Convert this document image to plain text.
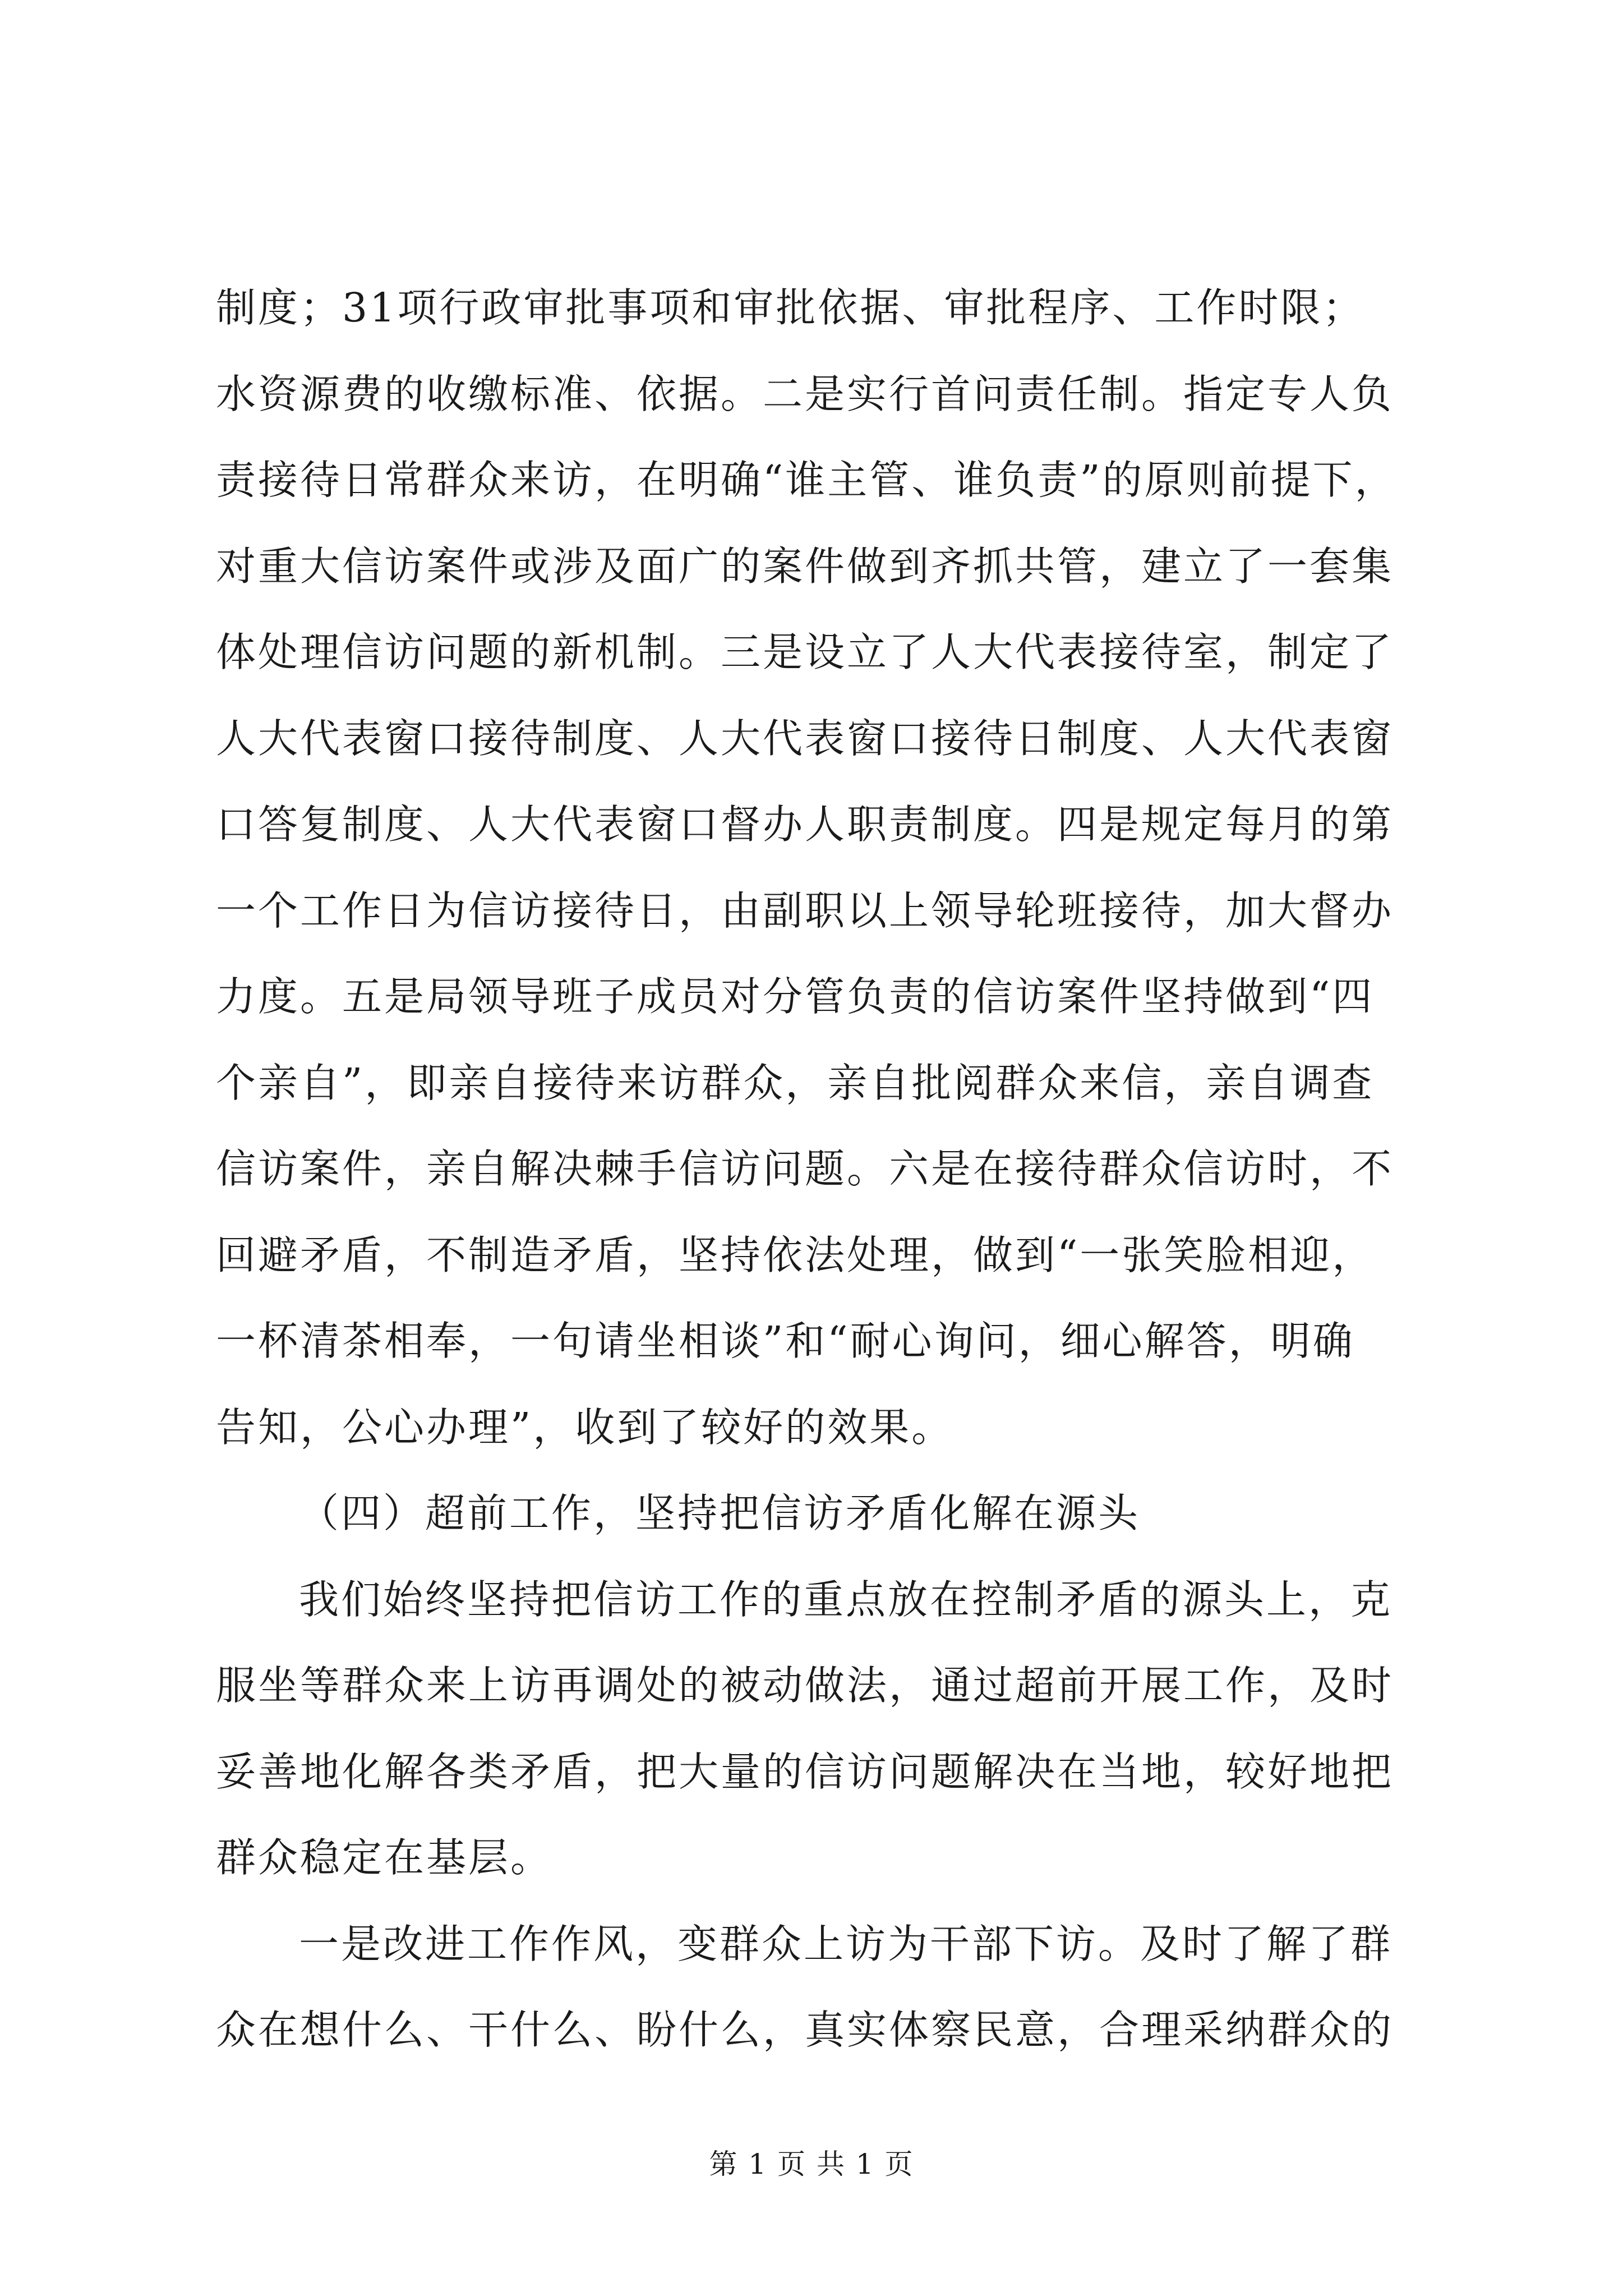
制度；31项行政审批事项和审批依据、审批程序、工作时限；
水资源费的收缴标准、依据。二是实行首问责任制。指定专人负
责接待日常群众来访，在明确“谁主管、谁负责”的原则前提下，
对重大信访案件或涉及面广的案件做到齐抓共管，建立了一套集
体处理信访问题的新机制。三是设立了人大代表接待室，制定了
人大代表窗口接待制度、人大代表窗口接待日制度、人大代表窗
口答复制度、人大代表窗口督办人职责制度。四是规定每月的第
一个工作日为信访接待日，由副职以上领导轮班接待，加大督办
力度。五是局领导班子成员对分管负责的信访案件坚持做到“四
个亲自”，即亲自接待来访群众，亲自批阅群众来信，亲自调查
信访案件，亲自解决棘手信访问题。六是在接待群众信访时，不
回避矛盾，不制造矛盾，坚持依法处理，做到“一张笑脸相迎，
一杯清茶相奉，一句请坐相谈”和“耐心询问，细心解答，明确
告知，公心办理”，收到了较好的效果。
（四）超前工作，坚持把信访矛盾化解在源头
我们始终坚持把信访工作的重点放在控制矛盾的源头上，克
服坐等群众来上访再调处的被动做法，通过超前开展工作，及时
妥善地化解各类矛盾，把大量的信访问题解决在当地，较好地把
群众稳定在基层。
一是改进工作作风，变群众上访为干部下访。及时了解了群
众在想什么、干什么、盼什么，真实体察民意，合理采纳群众的
第 1 页 共 1 页
